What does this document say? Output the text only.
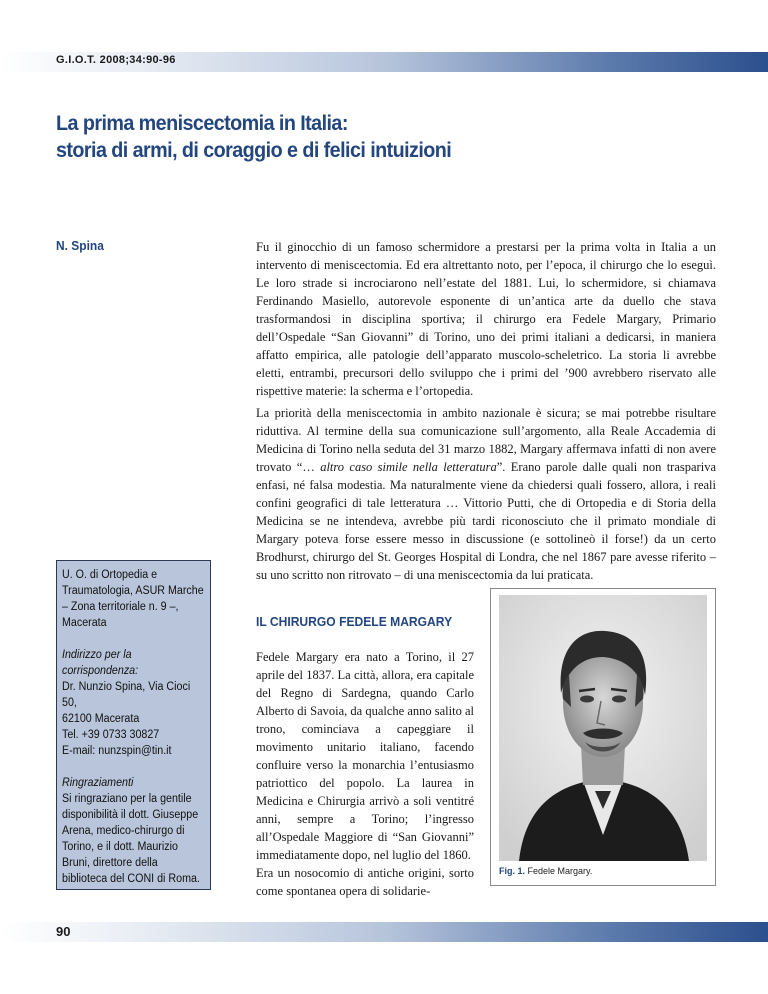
G.I.O.T. 2008;34:90-96
La prima meniscectomia in Italia:
storia di armi, di coraggio e di felici intuizioni
N. Spina

U. O. di Ortopedia e Traumatologia, ASUR Marche – Zona territoriale n. 9 –, Macerata

Indirizzo per la corrispondenza:
Dr. Nunzio Spina, Via Cioci 50,
62100 Macerata
Tel. +39 0733 30827
E-mail: nunzspin@tin.it

Ringraziamenti
Si ringraziano per la gentile disponibilità il dott. Giuseppe Arena, medico-chirurgo di Torino, e il dott. Maurizio Bruni, direttore della biblioteca del CONI di Roma.

Fu il ginocchio di un famoso schermidore a prestarsi per la prima volta in Italia a un intervento di meniscectomia. Ed era altrettanto noto, per l’epoca, il chirurgo che lo eseguì. Le loro strade si incrociarono nell’estate del 1881. Lui, lo schermidore, si chiamava Ferdinando Masiello, autorevole esponente di un’antica arte da duello che stava trasformandosi in disciplina sportiva; il chirurgo era Fedele Margary, Primario dell’Ospedale “San Giovanni” di Torino, uno dei primi italiani a dedicarsi, in maniera affatto empirica, alle patologie dell’apparato muscolo-scheletrico. La storia li avrebbe eletti, entrambi, precursori dello sviluppo che i primi del ’900 avrebbero riservato alle rispettive materie: la scherma e l’ortopedia.

La priorità della meniscectomia in ambito nazionale è sicura; se mai potrebbe risultare riduttiva. Al termine della sua comunicazione sull’argomento, alla Reale Accademia di Medicina di Torino nella seduta del 31 marzo 1882, Margary affermava infatti di non avere trovato “… altro caso simile nella letteratura”. Erano parole dalle quali non traspariva enfasi, né falsa modestia. Ma naturalmente viene da chiedersi quali fossero, allora, i reali confini geografici di tale letteratura … Vittorio Putti, che di Ortopedia e di Storia della Medicina se ne intendeva, avrebbe più tardi riconosciuto che il primato mondiale di Margary poteva forse essere messo in discussione (e sottolineò il forse!) da un certo Brodhurst, chirurgo del St. Georges Hospital di Londra, che nel 1867 pare avesse riferito – su uno scritto non ritrovato – di una meniscectomia da lui praticata.

IL CHIRURGO FEDELE MARGARY
Fedele Margary era nato a Torino, il 27 aprile del 1837. La città, allora, era capitale del Regno di Sardegna, quando Carlo Alberto di Savoia, da qualche anno salito al trono, cominciava a capeggiare il movimento unitario italiano, facendo confluire verso la monarchia l’entusiasmo patriottico del popolo. La laurea in Medicina e Chirurgia arrivò a soli ventitré anni, sempre a Torino; l’ingresso all’Ospedale Maggiore di “San Giovanni” immediatamente dopo, nel luglio del 1860.
Era un nosocomio di antiche origini, sorto come spontanea opera di solidarie-
Fig. 1. Fedele Margary.
90
